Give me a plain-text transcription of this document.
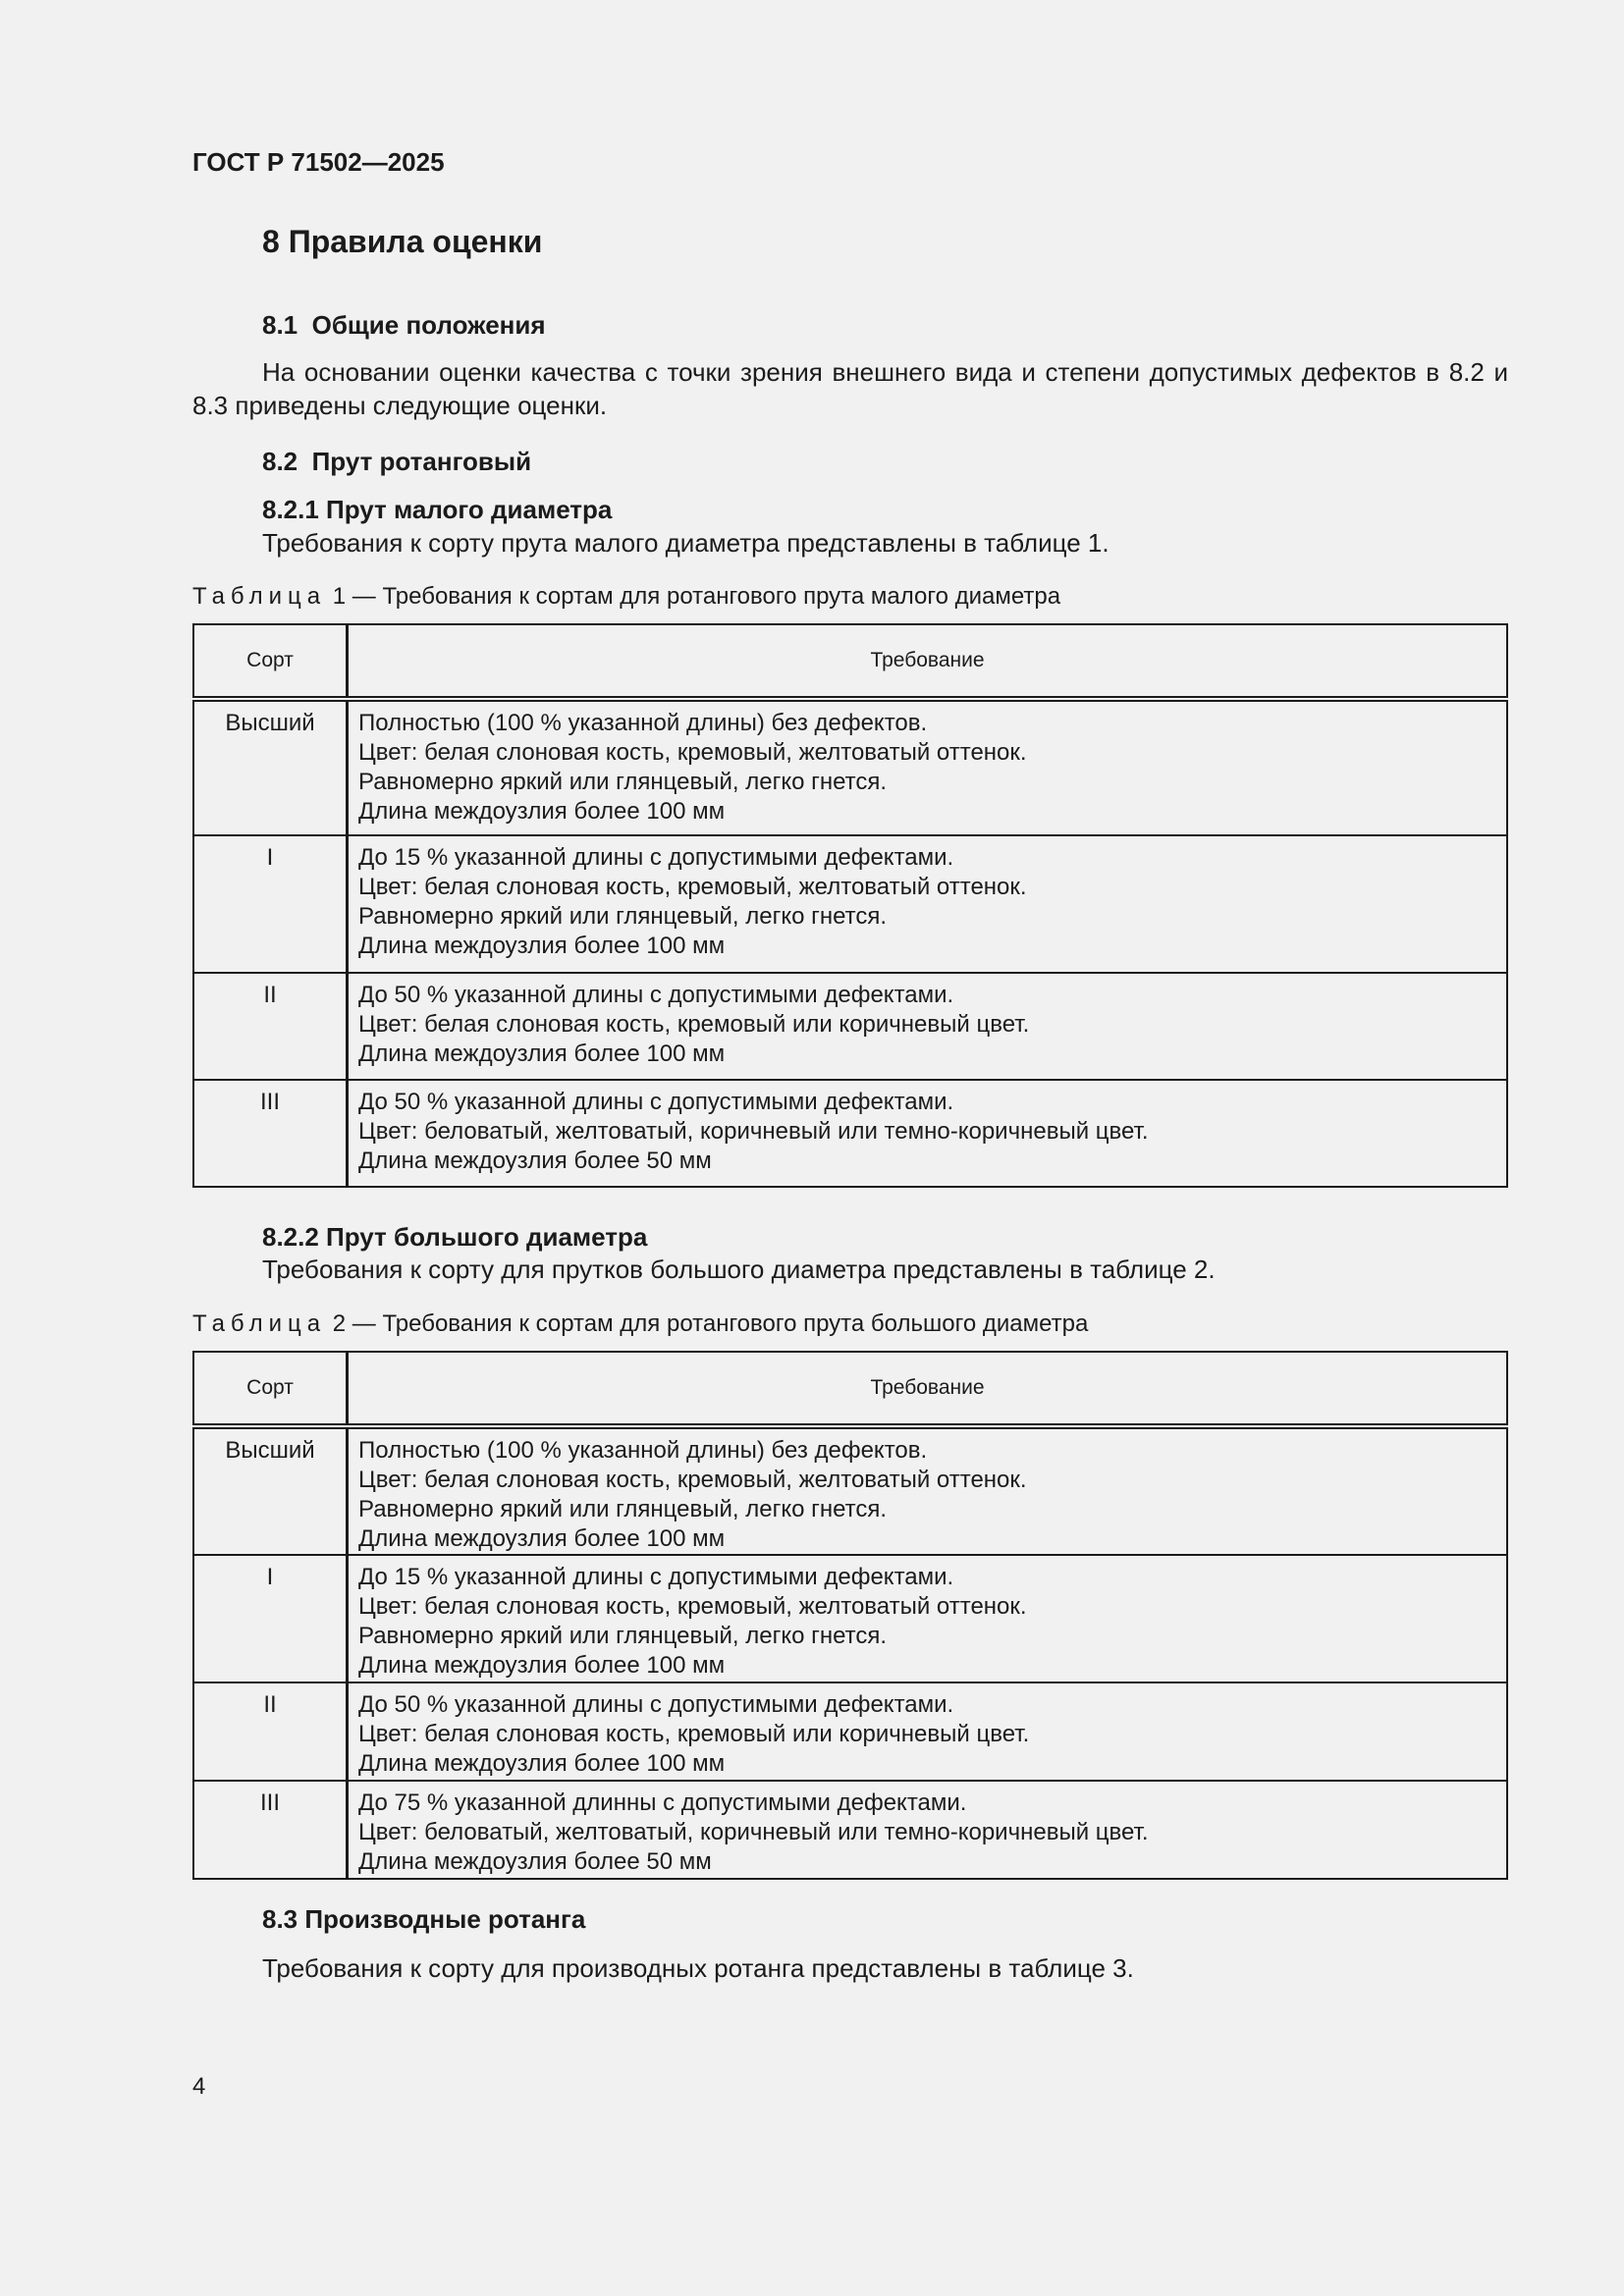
ГОСТ Р 71502—2025
8 Правила оценки
8.1  Общие положения
На основании оценки качества с точки зрения внешнего вида и степени допустимых дефектов в 8.2 и 8.3 приведены следующие оценки.
8.2  Прут ротанговый
8.2.1 Прут малого диаметра
Требования к сорту прута малого диаметра представлены в таблице 1.
Таблица 1 — Требования к сортам для ротангового прута малого диаметра
Сорт	Требование
Высший	Полностью (100 % указанной длины) без дефектов.
Цвет: белая слоновая кость, кремовый, желтоватый оттенок.
Равномерно яркий или глянцевый, легко гнется.
Длина междоузлия более 100 мм

I	До 15 % указанной длины с допустимыми дефектами.
Цвет: белая слоновая кость, кремовый, желтоватый оттенок.
Равномерно яркий или глянцевый, легко гнется.
Длина междоузлия более 100 мм

II	До 50 % указанной длины с допустимыми дефектами.
Цвет: белая слоновая кость, кремовый или коричневый цвет.
Длина междоузлия более 100 мм

III	До 50 % указанной длины с допустимыми дефектами.
Цвет: беловатый, желтоватый, коричневый или темно-коричневый цвет.
Длина междоузлия более 50 мм
8.2.2 Прут большого диаметра
Требования к сорту для прутков большого диаметра представлены в таблице 2.
Таблица 2 — Требования к сортам для ротангового прута большого диаметра
Сорт	Требование
Высший	Полностью (100 % указанной длины) без дефектов.
Цвет: белая слоновая кость, кремовый, желтоватый оттенок.
Равномерно яркий или глянцевый, легко гнется.
Длина междоузлия более 100 мм

I	До 15 % указанной длины с допустимыми дефектами.
Цвет: белая слоновая кость, кремовый, желтоватый оттенок.
Равномерно яркий или глянцевый, легко гнется.
Длина междоузлия более 100 мм

II	До 50 % указанной длины с допустимыми дефектами.
Цвет: белая слоновая кость, кремовый или коричневый цвет.
Длина междоузлия более 100 мм

III	До 75 % указанной длинны с допустимыми дефектами.
Цвет: беловатый, желтоватый, коричневый или темно-коричневый цвет.
Длина междоузлия более 50 мм
8.3 Производные ротанга
Требования к сорту для производных ротанга представлены в таблице 3.
4
